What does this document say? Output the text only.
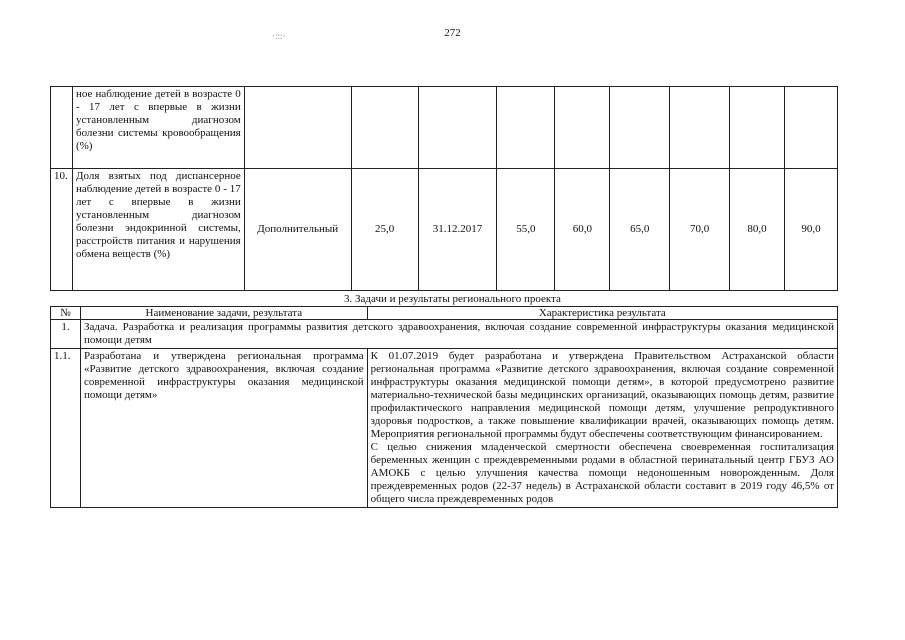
272
·:::·
	ное наблюдение детей в возрасте 0 - 17 лет с впервые в жизни установленным диагнозом болезни системы кровообращения (%)									
10.	Доля взятых под диспансерное наблюдение детей в возрасте 0 - 17 лет с впервые в жизни установленным диагнозом болезни эндокринной системы, расстройств питания и нарушения обмена веществ (%)	Дополнительный	25,0	31.12.2017	55,0	60,0	65,0	70,0	80,0	90,0
3. Задачи и результаты регионального проекта
№	Наименование задачи, результата	Характеристика результата
1.	Задача. Разработка и реализация программы развития детского здравоохранения, включая создание современной инфраструктуры оказания медицинской помощи детям	
1.1.	Разработана и утверждена региональная программа «Развитие детского здравоохранения, включая создание современной инфраструктуры оказания медицинской помощи детям»	К 01.07.2019 будет разработана и утверждена Правительством Астраханской области региональная программа «Развитие детского здравоохранения, включая создание современной инфраструктуры оказания медицинской помощи детям», в которой предусмотрено развитие материально-технической базы медицинских организаций, оказывающих помощь детям, развитие профилактического направления медицинской помощи детям, улучшение репродуктивного здоровья подростков, а также повышение квалификации врачей, оказывающих помощь детям. Мероприятия региональной программы будут обеспечены соответствующим финансированием.
С целью снижения младенческой смертности обеспечена своевременная госпитализация беременных женщин с преждевременными родами в областной перинатальный центр ГБУЗ АО АМОКБ с целью улучшения качества помощи недоношенным новорожденным. Доля преждевременных родов (22-37 недель) в Астраханской области составит в 2019 году 46,5% от общего числа преждевременных родов
